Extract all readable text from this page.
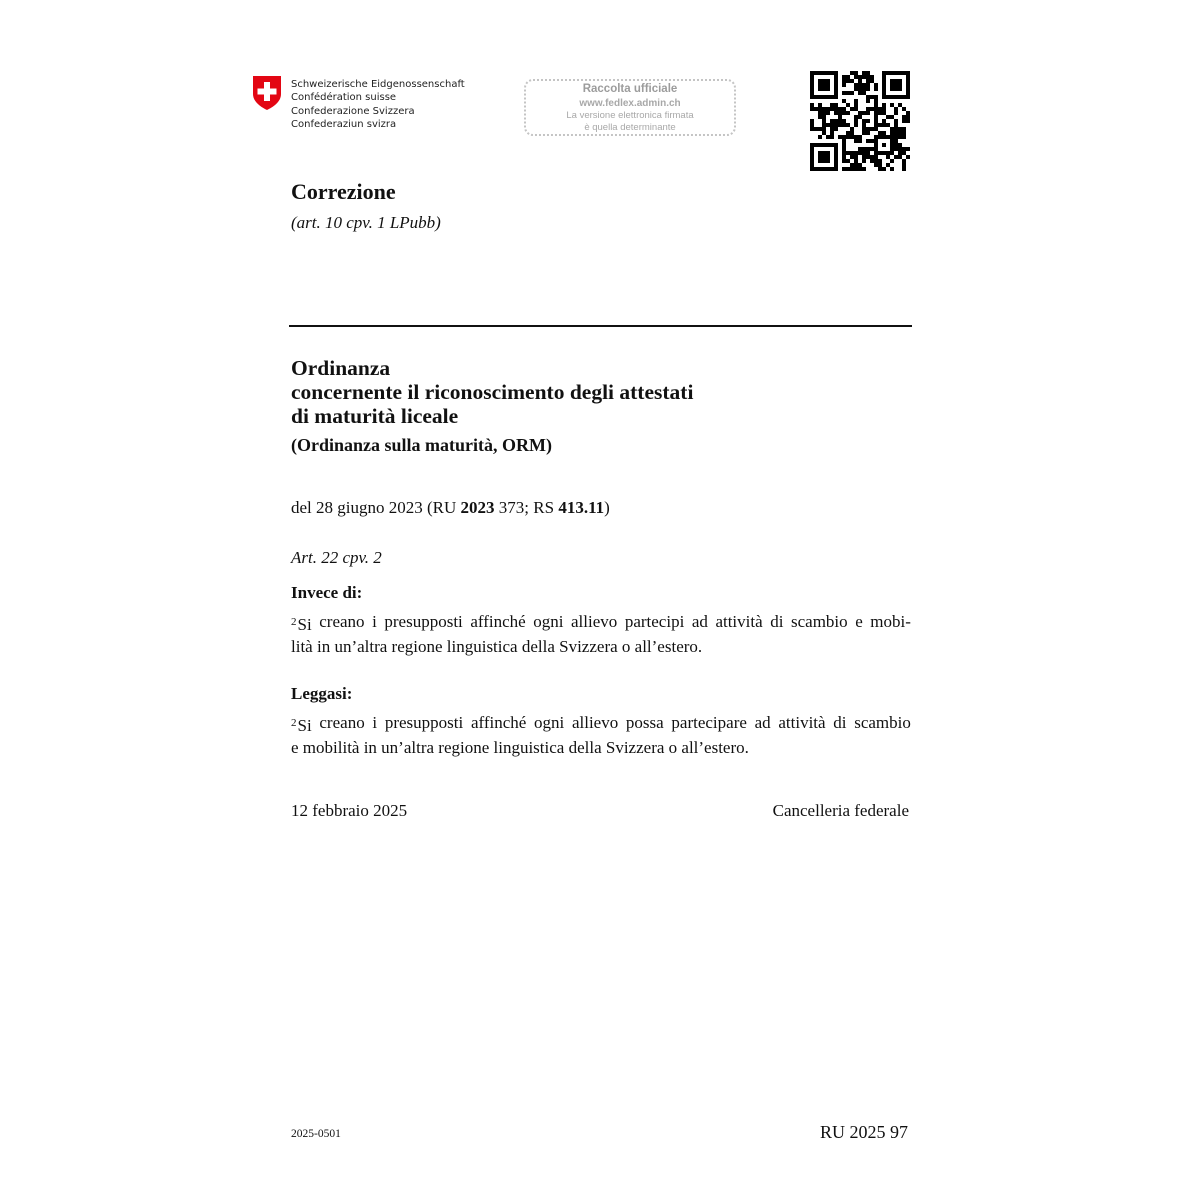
Schweizerische Eidgenossenschaft
Confédération suisse
Confederazione Svizzera
Confederaziun svizra
Raccolta ufficiale
www.fedlex.admin.ch
La versione elettronica firmata
è quella determinante
Correzione
(art. 10 cpv. 1 LPubb)
Ordinanza
concernente il riconoscimento degli attestati
di maturità liceale
(Ordinanza sulla maturità, ORM)
del 28 giugno 2023 (RU 2023 373; RS 413.11)
Art. 22 cpv. 2
Invece di:
$^2$Si creano i presupposti affinché ogni allievo partecipi ad attività di scambio e mobi-
lità in un’altra regione linguistica della Svizzera o all’estero.
Leggasi:
$^2$Si creano i presupposti affinché ogni allievo possa partecipare ad attività di scambio
e mobilità in un’altra regione linguistica della Svizzera o all’estero.
12 febbraio 2025	Cancelleria federale
2025-0501	RU 2025 97
